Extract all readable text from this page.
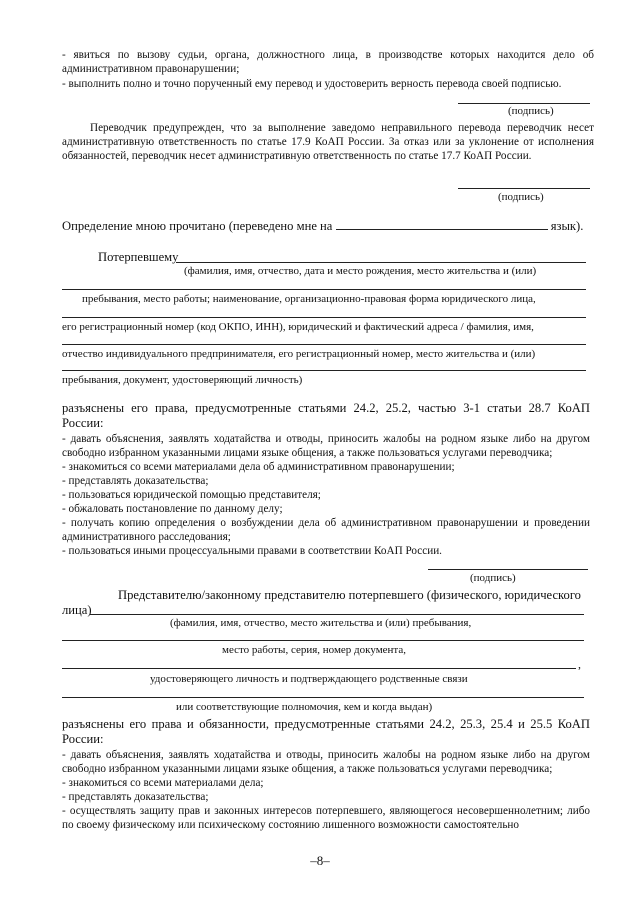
- явиться по вызову судьи, органа, должностного лица, в производстве которых находится дело об административном правонарушении;
- выполнить полно и точно порученный ему перевод и удостоверить верность перевода своей подписью.
(подпись)
Переводчик предупрежден, что за выполнение заведомо неправильного перевода переводчик несет административную ответственность по статье 17.9 КоАП России. За отказ или за уклонение от исполнения обязанностей, переводчик несет административную ответственность по статье 17.7 КоАП России.
(подпись)
Определение мною прочитано (переведено мне на	язык).
Потерпевшему
(фамилия, имя, отчество, дата и место рождения, место жительства и (или)
пребывания, место работы; наименование, организационно-правовая форма юридического лица,
его регистрационный номер (код ОКПО, ИНН), юридический и фактический адреса / фамилия, имя,
отчество индивидуального предпринимателя, его регистрационный номер, место жительства и (или)
пребывания, документ, удостоверяющий личность)
разъяснены его права, предусмотренные статьями 24.2, 25.2, частью 3-1 статьи 28.7 КоАП России:
- давать объяснения, заявлять ходатайства и отводы, приносить жалобы на родном языке либо на другом свободно избранном указанными лицами языке общения, а также пользоваться услугами переводчика;
- знакомиться со всеми материалами дела об административном правонарушении;
- представлять доказательства;
- пользоваться юридической помощью представителя;
- обжаловать постановление по данному делу;
- получать копию определения о возбуждении дела об административном правонарушении и проведении административного расследования;
- пользоваться иными процессуальными правами в соответствии КоАП России.
(подпись)
Представителю/законному представителю потерпевшего (физического, юридического
лица)
(фамилия, имя, отчество, место жительства и (или) пребывания,
место работы, серия, номер документа,
,
удостоверяющего личность и подтверждающего родственные связи
или соответствующие полномочия, кем и когда выдан)
разъяснены его права и обязанности, предусмотренные статьями 24.2, 25.3, 25.4 и 25.5 КоАП России:
- давать объяснения, заявлять ходатайства и отводы, приносить жалобы на родном языке либо на другом свободно избранном указанными лицами языке общения, а также пользоваться услугами переводчика;
- знакомиться со всеми материалами дела;
- представлять доказательства;
- осуществлять защиту прав и законных интересов потерпевшего, являющегося несовершеннолетним; либо по своему физическому или психическому состоянию лишенного возможности самостоятельно
–8–
